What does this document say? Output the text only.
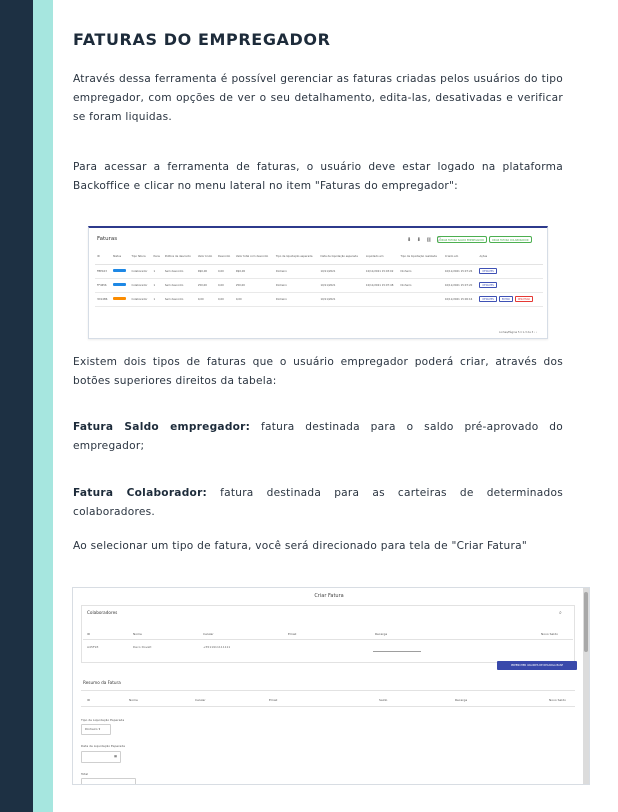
FATURAS DO EMPREGADOR

Através dessa ferramenta é possível gerenciar as faturas criadas pelos usuários do tipo empregador, com opções de ver o seu detalhamento, edita-las, desativadas e verificar se foram liquidas.

Para acessar a ferramenta de faturas, o usuário deve estar logado na plataforma Backoffice e clicar no menu lateral no item "Faturas do empregador":

Faturas	⬇ ⬇ ▥ ▽
CRIAR FATURA SALDO EMPREGADOR	CRIAR FATURA COLABORADOR
ID	Status	Tipo fatura	Itens	Politica de desconto	Valor bruto	Desconto	Valor total com desconto	Tipo de liquidação esperada	Data de liquidação esperada	Liquidado em	Tipo de liquidação realizada	Criado em	Ações
FBE163		Colaborador	1	Sem desconto	R$0,00	0,00	R$0,00	Dinheiro	10/11/2021	10/11/2021 15:03:02	Dinheiro	10/11/2021 15:07:26	DETALHES
FF4656		Colaborador	1	Sem desconto	250,00	0,00	250,00	Dinheiro	10/11/2021	10/11/2021 15:07:48	Dinheiro	10/11/2021 15:07:20	DETALHES
3D14B6		Colaborador	1	Sem desconto	0,00	0,00	0,00	Dinheiro	10/11/2021			10/11/2021 15:00:16	DETALHES EDITAR DESATIVAR
Linhas/Página 5 ▾ 1-3 de 3 ‹ ›

Existem dois tipos de faturas que o usuário empregador poderá criar, através dos botões superiores direitos da tabela:

Fatura Saldo empregador: fatura destinada para o saldo pré-aprovado do empregador;

Fatura Colaborador: fatura destinada para as carteiras de determinados colaboradores.

Ao selecionar um tipo de fatura, você será direcionado para tela de "Criar Fatura"

Criar Fatura
Colaboradores	⌕
ID	Nome	Celular	Email	Recarga	Novo Saldo
A45F93	Deco Dovelt	+5511911111111
PREENCHER VALORES DE RECARGA BASE
Resumo da Fatura
ID	Nome	Celular	Email	Saldo	Recarga	Novo Saldo
Tipo de Liquidação Esperada
Dinheiro ▾
Data de Liquidação Esperada
▦
Total
